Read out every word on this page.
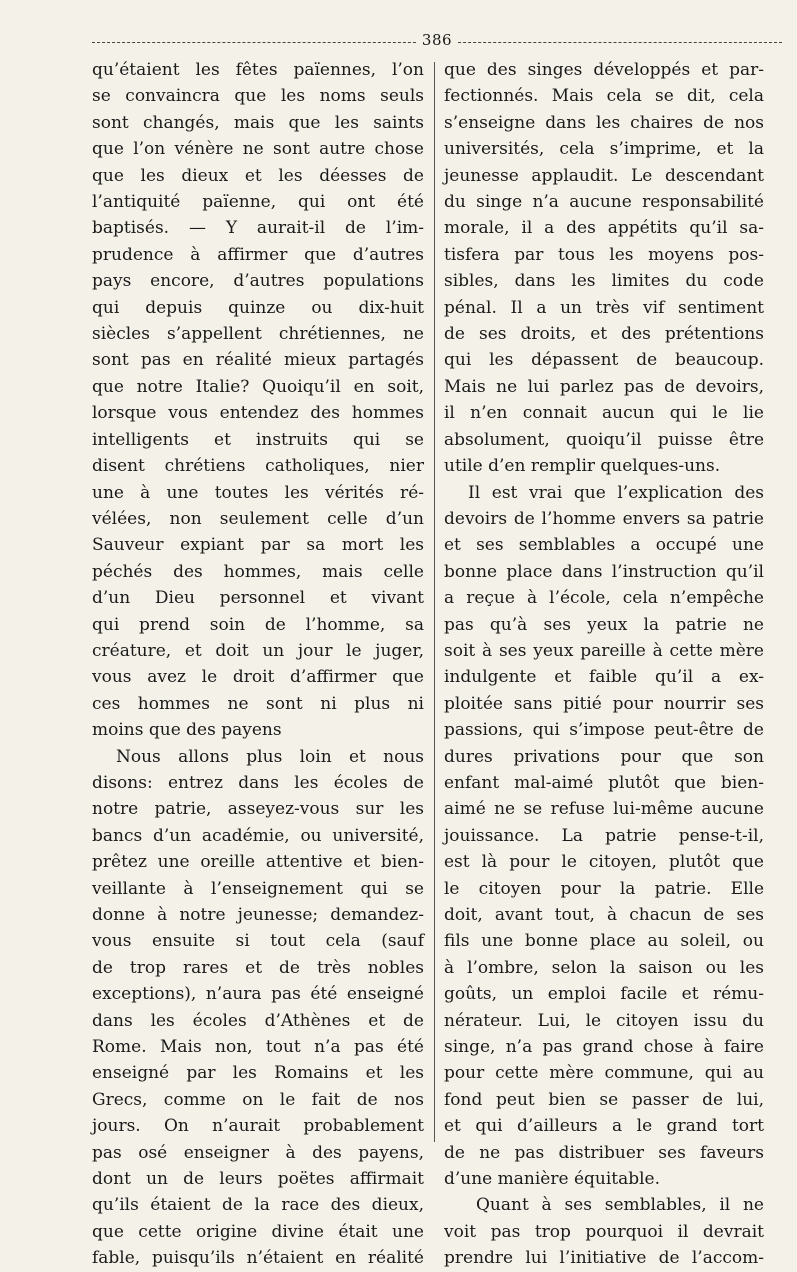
386
qu’étaient les fêtes païennes, l’on
se convaincra que les noms seuls
sont changés, mais que les saints
que l’on vénère ne sont autre chose
que les dieux et les déesses de
l’antiquité païenne, qui ont été
baptisés. — Y aurait-il de l’im-
prudence à affirmer que d’autres
pays encore, d’autres populations
qui depuis quinze ou dix-huit
siècles s’appellent chrétiennes, ne
sont pas en réalité mieux partagés
que notre Italie? Quoiqu’il en soit,
lorsque vous entendez des hommes
intelligents et instruits qui se
disent chrétiens catholiques, nier
une à une toutes les vérités ré-
vélées, non seulement celle d’un
Sauveur expiant par sa mort les
péchés des hommes, mais celle
d’un Dieu personnel et vivant
qui prend soin de l’homme, sa
créature, et doit un jour le juger,
vous avez le droit d’affirmer que
ces hommes ne sont ni plus ni
moins que des payens
Nous allons plus loin et nous
disons: entrez dans les écoles de
notre patrie, asseyez-vous sur les
bancs d’un académie, ou université,
prêtez une oreille attentive et bien-
veillante à l’enseignement qui se
donne à notre jeunesse; demandez-
vous ensuite si tout cela (sauf
de trop rares et de très nobles
exceptions), n’aura pas été enseigné
dans les écoles d’Athènes et de
Rome. Mais non, tout n’a pas été
enseigné par les Romains et les
Grecs, comme on le fait de nos
jours. On n’aurait probablement
pas osé enseigner à des payens,
dont un de leurs poëtes affirmait
qu’ils étaient de la race des dieux,
que cette origine divine était une
fable, puisqu’ils n’étaient en réalité
que des singes développés et par-
fectionnés. Mais cela se dit, cela
s’enseigne dans les chaires de nos
universités, cela s’imprime, et la
jeunesse applaudit. Le descendant
du singe n’a aucune responsabilité
morale, il a des appétits qu’il sa-
tisfera par tous les moyens pos-
sibles, dans les limites du code
pénal. Il a un très vif sentiment
de ses droits, et des prétentions
qui les dépassent de beaucoup.
Mais ne lui parlez pas de devoirs,
il n’en connait aucun qui le lie
absolument, quoiqu’il puisse être
utile d’en remplir quelques-uns.
Il est vrai que l’explication des
devoirs de l’homme envers sa patrie
et ses semblables a occupé une
bonne place dans l’instruction qu’il
a reçue à l’école, cela n’empêche
pas qu’à ses yeux la patrie ne
soit à ses yeux pareille à cette mère
indulgente et faible qu’il a ex-
ploitée sans pitié pour nourrir ses
passions, qui s’impose peut-être de
dures privations pour que son
enfant mal-aimé plutôt que bien-
aimé ne se refuse lui-même aucune
jouissance. La patrie pense-t-il,
est là pour le citoyen, plutôt que
le citoyen pour la patrie. Elle
doit, avant tout, à chacun de ses
fils une bonne place au soleil, ou
à l’ombre, selon la saison ou les
goûts, un emploi facile et rému-
nérateur. Lui, le citoyen issu du
singe, n’a pas grand chose à faire
pour cette mère commune, qui au
fond peut bien se passer de lui,
et qui d’ailleurs a le grand tort
de ne pas distribuer ses faveurs
d’une manière équitable.
Quant à ses semblables, il ne
voit pas trop pourquoi il devrait
prendre lui l’initiative de l’accom-
